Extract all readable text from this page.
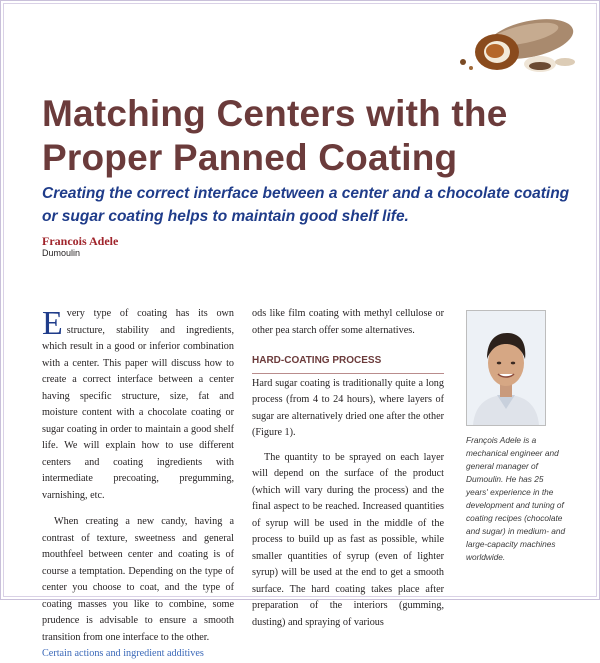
Matching Centers with the
Proper Panned Coating
Creating the correct interface between a center and a chocolate coating or sugar coating helps to maintain good shelf life.
Francois Adele
Dumoulin

Every type of coating has its own structure, stability and ingredients, which result in a good or inferior combination with a center. This paper will discuss how to create a correct interface between a center having specific structure, size, fat and moisture content with a chocolate coating or sugar coating in order to maintain a good shelf life. We will explain how to use different centers and coating ingredients with intermediate precoating, pregumming, varnishing, etc.

When creating a new candy, having a contrast of texture, sweetness and general mouthfeel between center and coating is of course a temptation. Depending on the type of center you choose to coat, and the type of coating masses you like to combine, some prudence is advisable to ensure a smooth transition from one interface to the other.

Certain actions and ingredient additives

ods like film coating with methyl cellulose or other pea starch offer some alternatives.

HARD-COATING PROCESS

Hard sugar coating is traditionally quite a long process (from 4 to 24 hours), where layers of sugar are alternatively dried one after the other (Figure 1).

The quantity to be sprayed on each layer will depend on the surface of the product (which will vary during the process) and the final aspect to be reached. Increased quantities of syrup will be used in the middle of the process to build up as fast as possible, while smaller quantities of syrup (even of lighter syrup) will be used at the end to get a smooth surface. The hard coating takes place after preparation of the interiors (gumming, dusting) and spraying of various

François Adele is a mechanical engineer and general manager of Dumoulin. He has 25 years' experience in the development and tuning of coating recipes (chocolate and sugar) in medium- and large-capacity machines worldwide.
